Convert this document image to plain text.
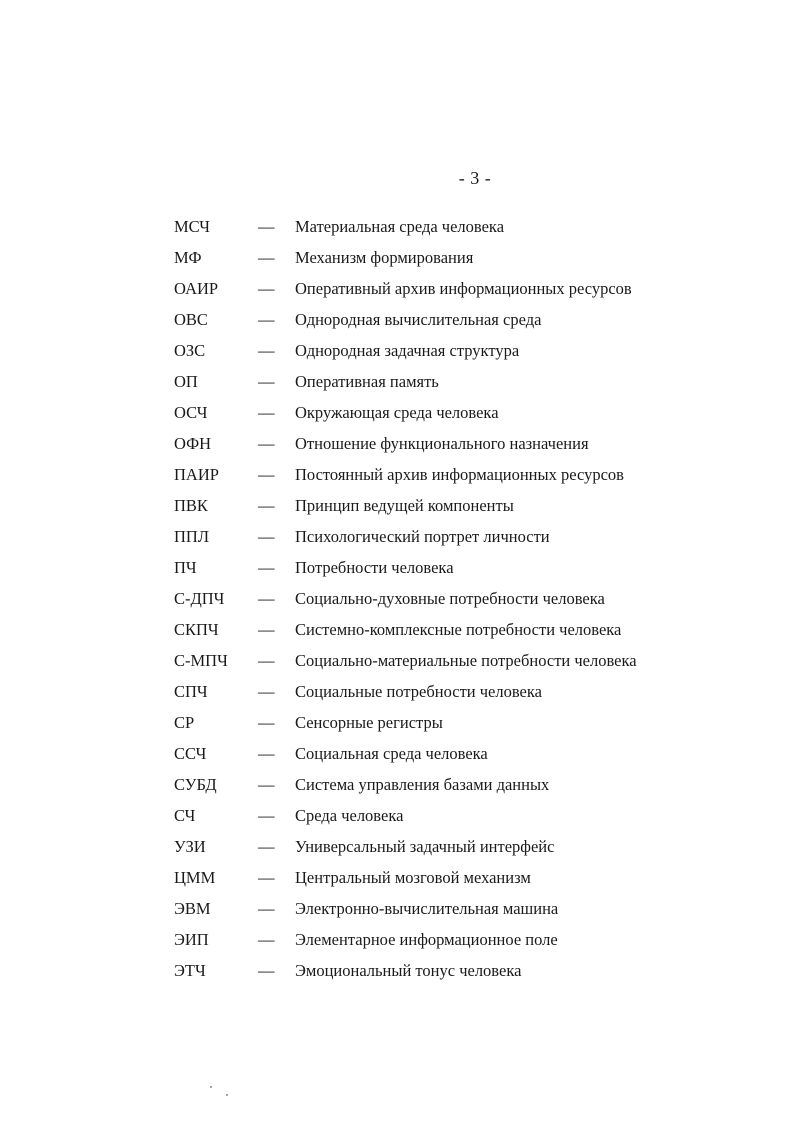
- 3 -
МСЧ	— Материальная среда человека
МФ	— Механизм формирования
ОАИР — Оперативный архив информационных ресурсов
ОВС	— Однородная вычислительная среда
ОЗС	— Однородная задачная структура
ОП	— Оперативная память
ОСЧ	— Окружающая среда человека
ОФН	— Отношение функционального назначения
ПАИР — Постоянный архив информационных ресурсов
ПВК	— Принцип ведущей компоненты
ППЛ	— Психологический портрет личности
ПЧ	— Потребности человека
С-ДПЧ — Социально-духовные потребности человека
СКПЧ — Системно-комплексные потребности человека
С-МПЧ — Социально-материальные потребности человека
СПЧ	— Социальные потребности человека
СР	— Сенсорные регистры
ССЧ	— Социальная среда человека
СУБД	— Система управления базами данных
СЧ	— Среда человека
УЗИ	— Универсальный задачный интерфейс
ЦММ	— Центральный мозговой механизм
ЭВМ	— Электронно-вычислительная машина
ЭИП	— Элементарное информационное поле
ЭТЧ	— Эмоциональный тонус человека
